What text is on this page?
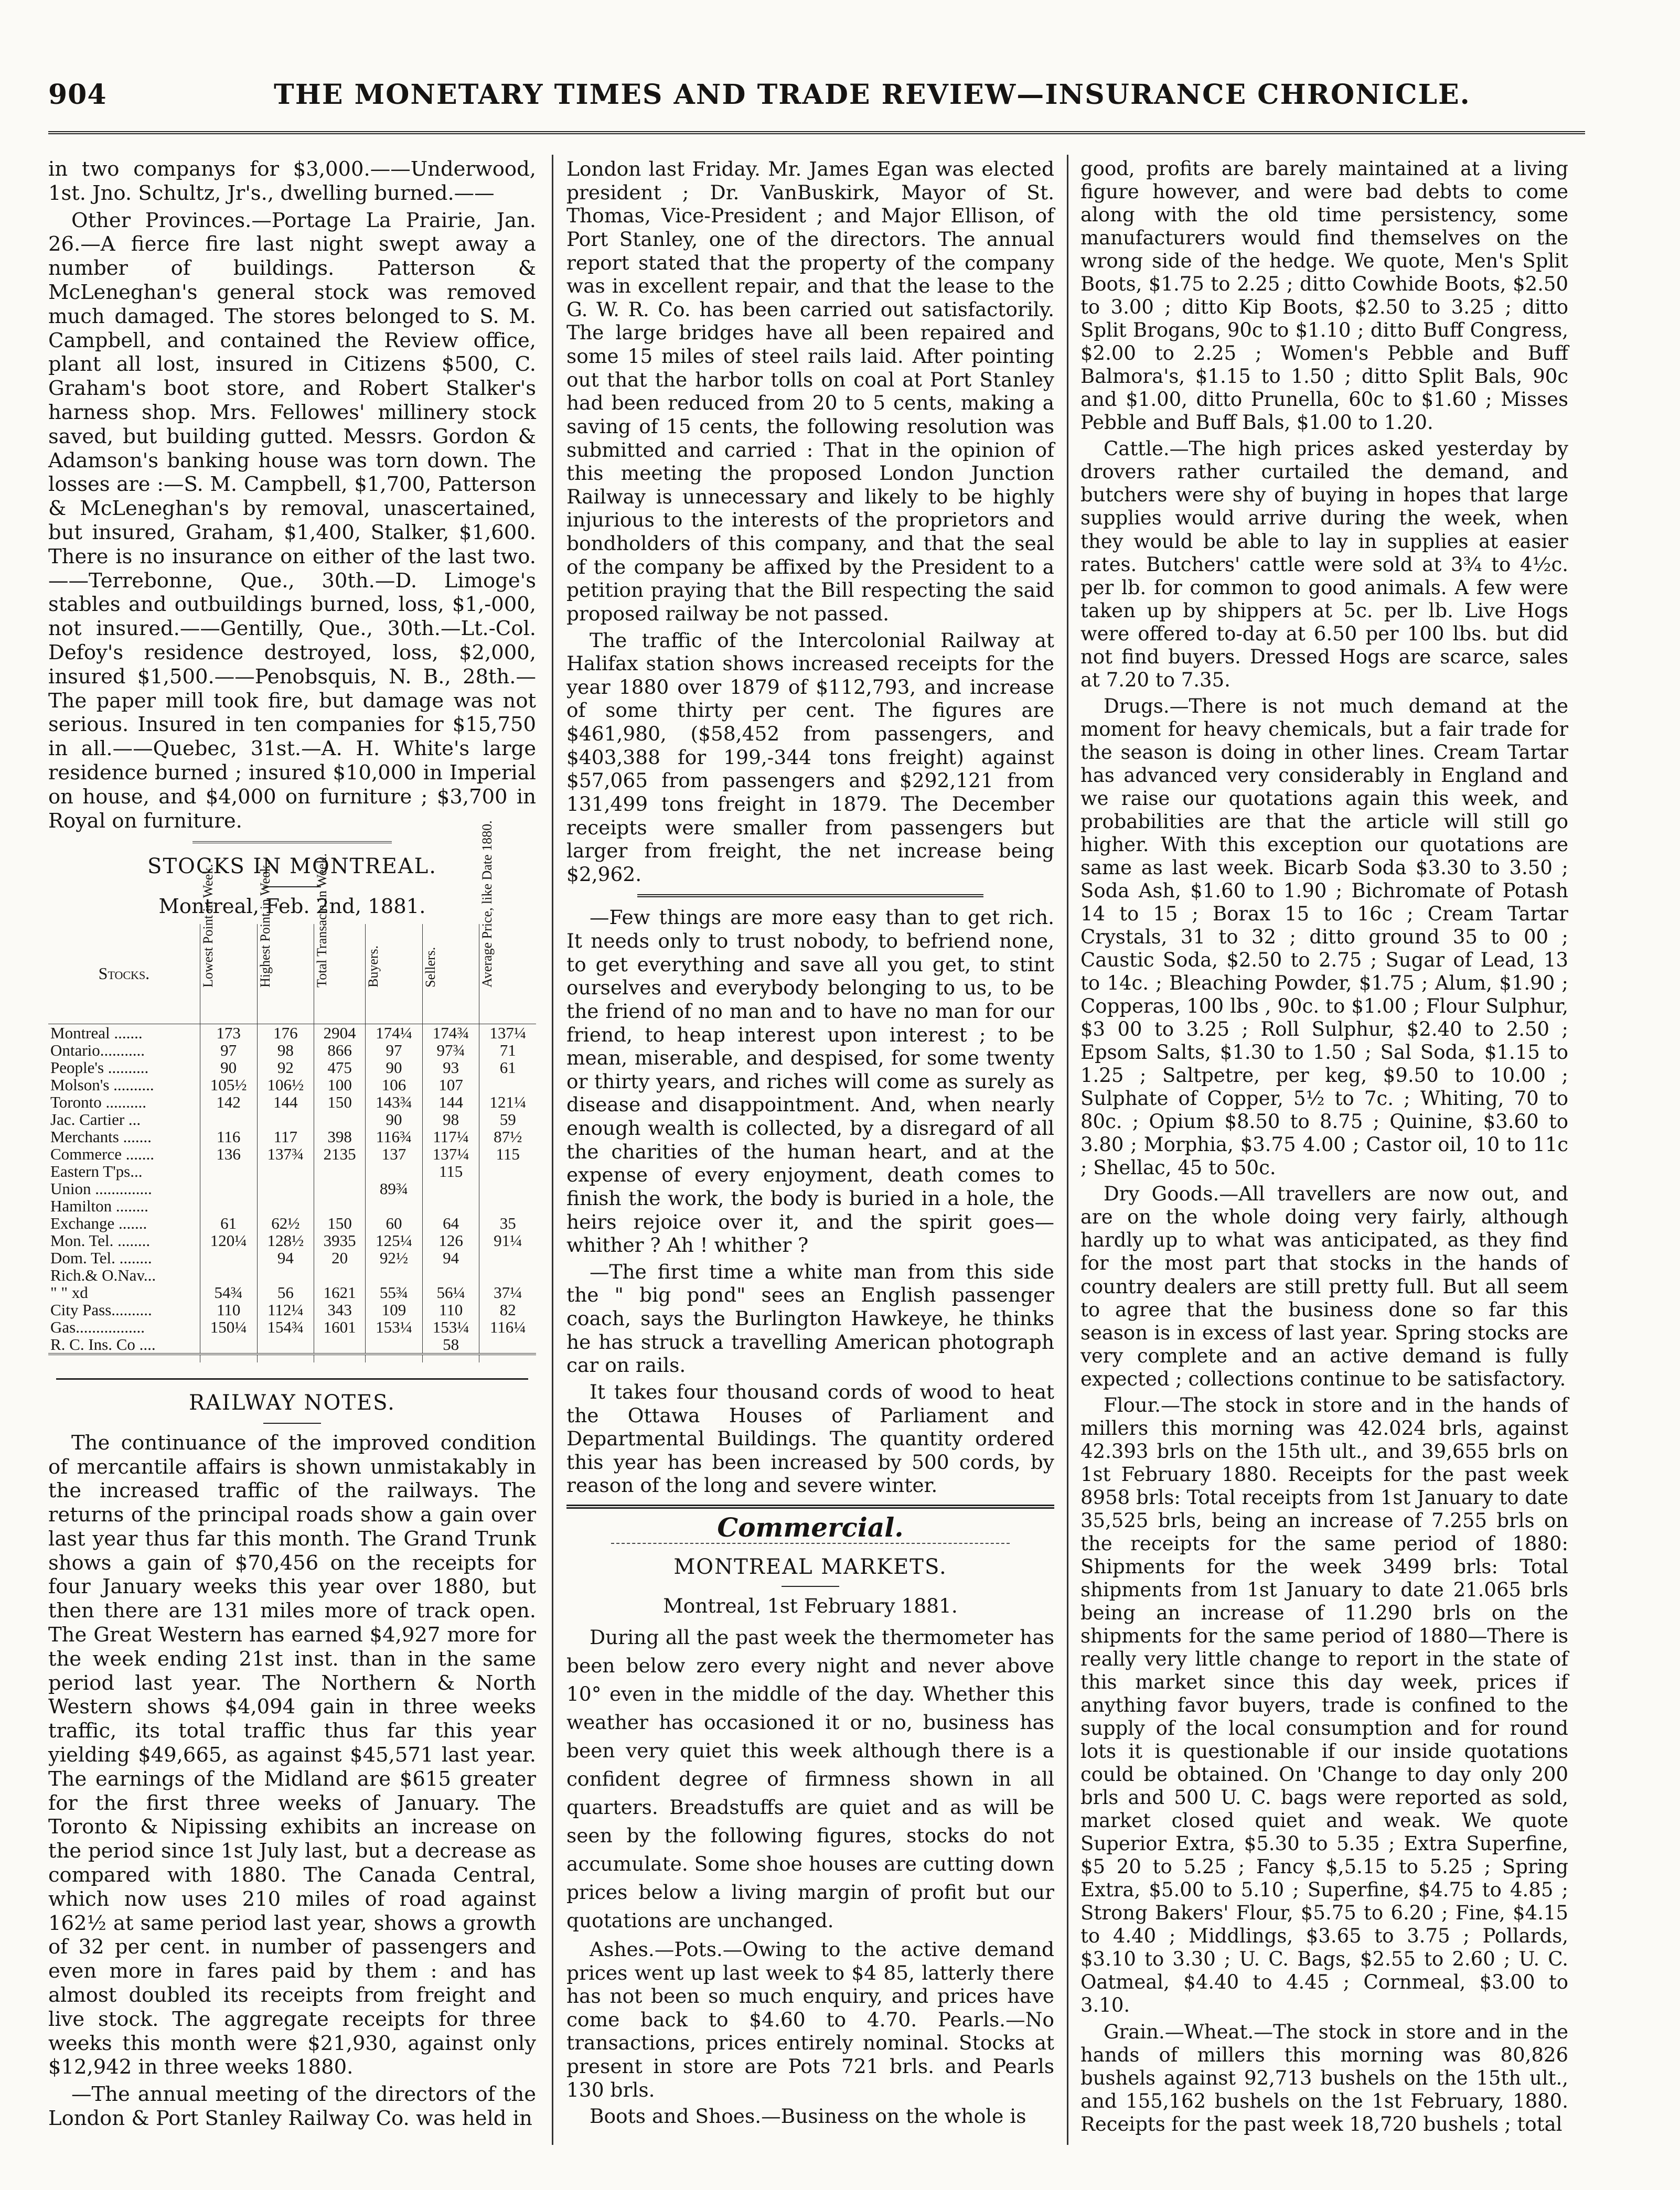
904	THE MONETARY TIMES AND TRADE REVIEW—INSURANCE CHRONICLE.

in two companys for $3,000.——Underwood, 1st. Jno. Schultz, Jr's., dwelling burned.——

Other Provinces.—Portage La Prairie, Jan. 26.—A fierce fire last night swept away a number of buildings. Patterson & McLeneghan's general stock was removed much damaged. The stores belonged to S. M. Campbell, and contained the Review office, plant all lost, insured in Citizens $500, C. Graham's boot store, and Robert Stalker's harness shop. Mrs. Fellowes' millinery stock saved, but building gutted. Messrs. Gordon & Adamson's banking house was torn down. The losses are :—S. M. Campbell, $1,700, Patterson & McLeneghan's by removal, unascertained, but insured, Graham, $1,400, Stalker, $1,600. There is no insurance on either of the last two.——Terrebonne, Que., 30th.—D. Limoge's stables and outbuildings burned, loss, $1,-000, not insured.——Gentilly, Que., 30th.—Lt.-Col. Defoy's residence destroyed, loss, $2,000, insured $1,500.——Penobsquis, N. B., 28th.—The paper mill took fire, but damage was not serious. Insured in ten companies for $15,750 in all.——Quebec, 31st.—A. H. White's large residence burned ; insured $10,000 in Imperial on house, and $4,000 on furniture ; $3,700 in Royal on furniture.

STOCKS IN MONTREAL.
Montreal, Feb. 2nd, 1881.
Stocks.	Lowest Point in Week.	Highest Point in Week.	Total Transac'n in Week.	Buyers.	Sellers.	Average Price, like Date 1880.
Montreal .......	173	176	2904	174¼	174¾	137¼
Ontario...........	97	98	866	97	97¾	71
People's ..........	90	92	475	90	93	61
Molson's ..........	105½	106½	100	106	107	
Toronto ..........	142	144	150	143¾	144	121¼
Jac. Cartier ...				90	98	59
Merchants .......	116	117	398	116¾	117¼	87½
Commerce .......	136	137¾	2135	137	137¼	115
Eastern T'ps...					115	
Union ..............				89¾		
Hamilton ........						
Exchange .......	61	62½	150	60	64	35
Mon. Tel. ........	120¼	128½	3935	125¼	126	91¼
Dom. Tel. ........		94	20	92½	94	
Rich.& O.Nav...						
" " xd	54¾	56	1621	55¾	56¼	37¼
City Pass..........	110	112¼	343	109	110	82
Gas.................	150¼	154¾	1601	153¼	153¼	116¼
R. C. Ins. Co ....					58	

RAILWAY NOTES.

The continuance of the improved condition of mercantile affairs is shown unmistakably in the increased traffic of the railways. The returns of the principal roads show a gain over last year thus far this month. The Grand Trunk shows a gain of $70,456 on the receipts for four January weeks this year over 1880, but then there are 131 miles more of track open. The Great Western has earned $4,927 more for the week ending 21st inst. than in the same period last year. The Northern & North Western shows $4,094 gain in three weeks traffic, its total traffic thus far this year yielding $49,665, as against $45,571 last year. The earnings of the Midland are $615 greater for the first three weeks of January. The Toronto & Nipissing exhibits an increase on the period since 1st July last, but a decrease as compared with 1880. The Canada Central, which now uses 210 miles of road against 162½ at same period last year, shows a growth of 32 per cent. in number of passengers and even more in fares paid by them : and has almost doubled its receipts from freight and live stock. The aggregate receipts for three weeks this month were $21,930, against only $12,942 in three weeks 1880.

—The annual meeting of the directors of the London & Port Stanley Railway Co. was held in

London last Friday. Mr. James Egan was elected president ; Dr. VanBuskirk, Mayor of St. Thomas, Vice-President ; and Major Ellison, of Port Stanley, one of the directors. The annual report stated that the property of the company was in excellent repair, and that the lease to the G. W. R. Co. has been carried out satisfactorily. The large bridges have all been repaired and some 15 miles of steel rails laid. After pointing out that the harbor tolls on coal at Port Stanley had been reduced from 20 to 5 cents, making a saving of 15 cents, the following resolution was submitted and carried : That in the opinion of this meeting the proposed London Junction Railway is unnecessary and likely to be highly injurious to the interests of the proprietors and bondholders of this company, and that the seal of the company be affixed by the President to a petition praying that the Bill respecting the said proposed railway be not passed.

The traffic of the Intercolonial Railway at Halifax station shows increased receipts for the year 1880 over 1879 of $112,793, and increase of some thirty per cent. The figures are $461,980, ($58,452 from passengers, and $403,388 for 199,-344 tons freight) against $57,065 from passengers and $292,121 from 131,499 tons freight in 1879. The December receipts were smaller from passengers but larger from freight, the net increase being $2,962.

—Few things are more easy than to get rich. It needs only to trust nobody, to befriend none, to get everything and save all you get, to stint ourselves and everybody belonging to us, to be the friend of no man and to have no man for our friend, to heap interest upon interest ; to be mean, miserable, and despised, for some twenty or thirty years, and riches will come as surely as disease and disappointment. And, when nearly enough wealth is collected, by a disregard of all the charities of the human heart, and at the expense of every enjoyment, death comes to finish the work, the body is buried in a hole, the heirs rejoice over it, and the spirit goes—whither ? Ah ! whither ?

—The first time a white man from this side the " big pond" sees an English passenger coach, says the Burlington Hawkeye, he thinks he has struck a travelling American photograph car on rails.

It takes four thousand cords of wood to heat the Ottawa Houses of Parliament and Departmental Buildings. The quantity ordered this year has been increased by 500 cords, by reason of the long and severe winter.

Commercial.
MONTREAL MARKETS.
Montreal, 1st February 1881.

During all the past week the thermometer has been below zero every night and never above 10° even in the middle of the day. Whether this weather has occasioned it or no, business has been very quiet this week although there is a confident degree of firmness shown in all quarters. Breadstuffs are quiet and as will be seen by the following figures, stocks do not accumulate. Some shoe houses are cutting down prices below a living margin of profit but our quotations are unchanged.

Ashes.—Pots.—Owing to the active demand prices went up last week to $4 85, latterly there has not been so much enquiry, and prices have come back to $4.60 to 4.70. Pearls.—No transactions, prices entirely nominal. Stocks at present in store are Pots 721 brls. and Pearls 130 brls.

Boots and Shoes.—Business on the whole is

good, profits are barely maintained at a living figure however, and were bad debts to come along with the old time persistency, some manufacturers would find themselves on the wrong side of the hedge. We quote, Men's Split Boots, $1.75 to 2.25 ; ditto Cowhide Boots, $2.50 to 3.00 ; ditto Kip Boots, $2.50 to 3.25 ; ditto Split Brogans, 90c to $1.10 ; ditto Buff Congress, $2.00 to 2.25 ; Women's Pebble and Buff Balmora's, $1.15 to 1.50 ; ditto Split Bals, 90c and $1.00, ditto Prunella, 60c to $1.60 ; Misses Pebble and Buff Bals, $1.00 to 1.20.

Cattle.—The high prices asked yesterday by drovers rather curtailed the demand, and butchers were shy of buying in hopes that large supplies would arrive during the week, when they would be able to lay in supplies at easier rates. Butchers' cattle were sold at 3¾ to 4½c. per lb. for common to good animals. A few were taken up by shippers at 5c. per lb. Live Hogs were offered to-day at 6.50 per 100 lbs. but did not find buyers. Dressed Hogs are scarce, sales at 7.20 to 7.35.

Drugs.—There is not much demand at the moment for heavy chemicals, but a fair trade for the season is doing in other lines. Cream Tartar has advanced very considerably in England and we raise our quotations again this week, and probabilities are that the article will still go higher. With this exception our quotations are same as last week. Bicarb Soda $3.30 to 3.50 ; Soda Ash, $1.60 to 1.90 ; Bichromate of Potash 14 to 15 ; Borax 15 to 16c ; Cream Tartar Crystals, 31 to 32 ; ditto ground 35 to 00 ; Caustic Soda, $2.50 to 2.75 ; Sugar of Lead, 13 to 14c. ; Bleaching Powder, $1.75 ; Alum, $1.90 ; Copperas, 100 lbs , 90c. to $1.00 ; Flour Sulphur, $3 00 to 3.25 ; Roll Sulphur, $2.40 to 2.50 ; Epsom Salts, $1.30 to 1.50 ; Sal Soda, $1.15 to 1.25 ; Saltpetre, per keg, $9.50 to 10.00 ; Sulphate of Copper, 5½ to 7c. ; Whiting, 70 to 80c. ; Opium $8.50 to 8.75 ; Quinine, $3.60 to 3.80 ; Morphia, $3.75 4.00 ; Castor oil, 10 to 11c ; Shellac, 45 to 50c.

Dry Goods.—All travellers are now out, and are on the whole doing very fairly, although hardly up to what was anticipated, as they find for the most part that stocks in the hands of country dealers are still pretty full. But all seem to agree that the business done so far this season is in excess of last year. Spring stocks are very complete and an active demand is fully expected ; collections continue to be satisfactory.

Flour.—The stock in store and in the hands of millers this morning was 42.024 brls, against 42.393 brls on the 15th ult., and 39,655 brls on 1st February 1880. Receipts for the past week 8958 brls: Total receipts from 1st January to date 35,525 brls, being an increase of 7.255 brls on the receipts for the same period of 1880: Shipments for the week 3499 brls: Total shipments from 1st January to date 21.065 brls being an increase of 11.290 brls on the shipments for the same period of 1880—There is really very little change to report in the state of this market since this day week, prices if anything favor buyers, trade is confined to the supply of the local consumption and for round lots it is questionable if our inside quotations could be obtained. On 'Change to day only 200 brls and 500 U. C. bags were reported as sold, market closed quiet and weak. We quote Superior Extra, $5.30 to 5.35 ; Extra Superfine, $5 20 to 5.25 ; Fancy $,5.15 to 5.25 ; Spring Extra, $5.00 to 5.10 ; Superfine, $4.75 to 4.85 ; Strong Bakers' Flour, $5.75 to 6.20 ; Fine, $4.15 to 4.40 ; Middlings, $3.65 to 3.75 ; Pollards, $3.10 to 3.30 ; U. C. Bags, $2.55 to 2.60 ; U. C. Oatmeal, $4.40 to 4.45 ; Cornmeal, $3.00 to 3.10.

Grain.—Wheat.—The stock in store and in the hands of millers this morning was 80,826 bushels against 92,713 bushels on the 15th ult., and 155,162 bushels on the 1st February, 1880. Receipts for the past week 18,720 bushels ; total
